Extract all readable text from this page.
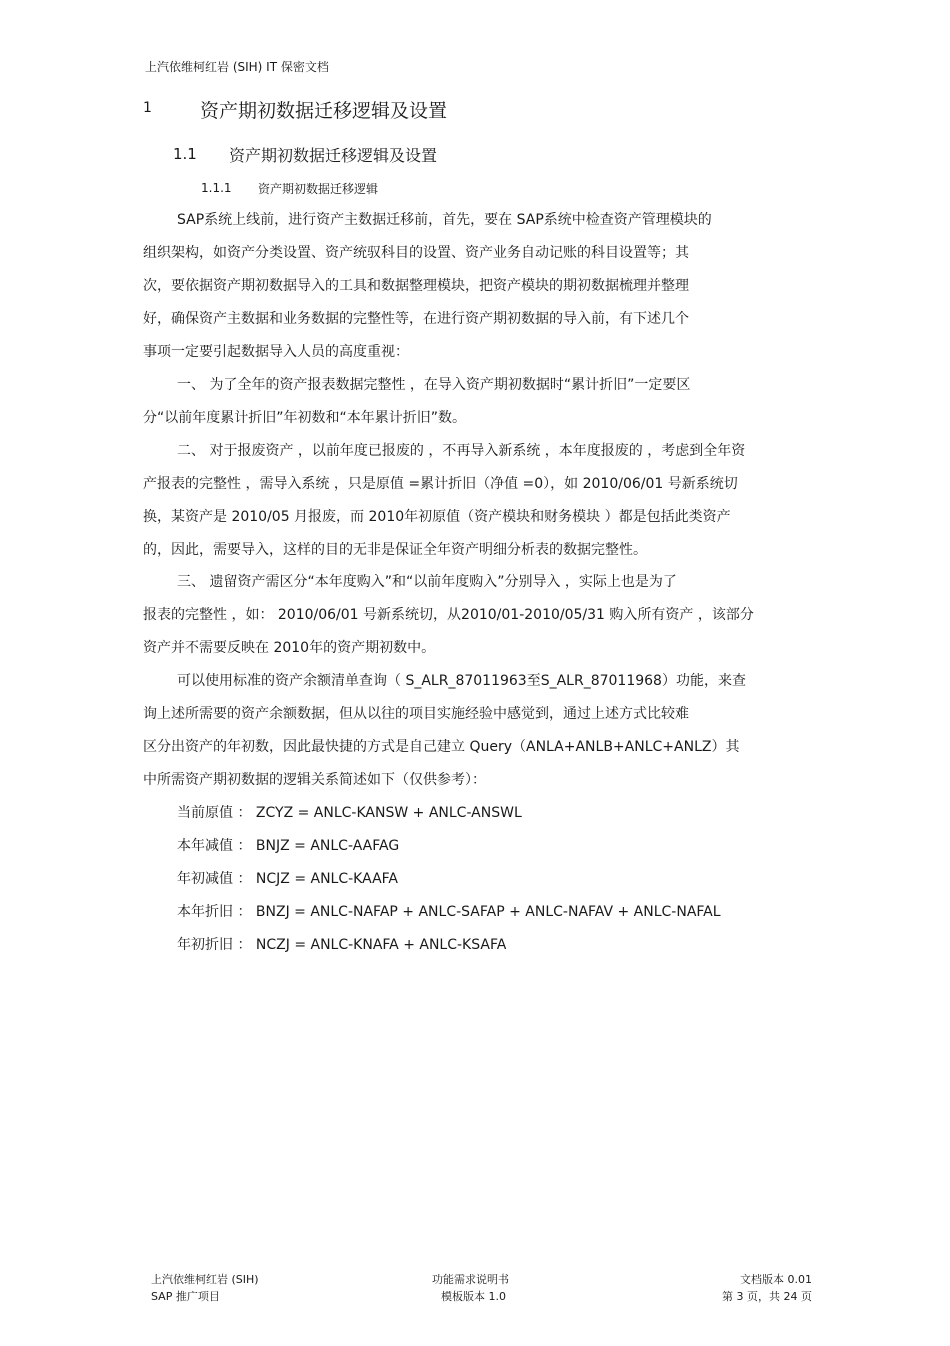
上汽依维柯红岩 (SIH) IT 保密文档
1	资产期初数据迁移逻辑及设置
1.1 资产期初数据迁移逻辑及设置
1.1.1 资产期初数据迁移逻辑
SAP系统上线前，进行资产主数据迁移前，首先，要在 SAP系统中检查资产管理模块的
组织架构，如资产分类设置、资产统驭科目的设置、资产业务自动记账的科目设置等；其
次，要依据资产期初数据导入的工具和数据整理模块，把资产模块的期初数据梳理并整理
好，确保资产主数据和业务数据的完整性等，在进行资产期初数据的导入前，有下述几个
事项一定要引起数据导入人员的高度重视：
一、 为了全年的资产报表数据完整性 ，在导入资产期初数据时“累计折旧”一定要区
分“以前年度累计折旧”年初数和“本年累计折旧”数。
二、 对于报废资产 ，以前年度已报废的 ，不再导入新系统 ，本年度报废的 ，考虑到全年资
产报表的完整性 ，需导入系统 ，只是原值 =累计折旧（净值 =0），如 2010/06/01 号新系统切
换，某资产是 2010/05 月报废，而 2010年初原值（资产模块和财务模块 ）都是包括此类资产
的，因此，需要导入，这样的目的无非是保证全年资产明细分析表的数据完整性。
三、 遗留资产需区分“本年度购入”和“以前年度购入”分别导入 ，实际上也是为了
报表的完整性 ，如： 2010/06/01 号新系统切，从2010/01-2010/05/31 购入所有资产 ，该部分
资产并不需要反映在 2010年的资产期初数中。
可以使用标准的资产余额清单查询（ S_ALR_87011963至S_ALR_87011968）功能，来查
询上述所需要的资产余额数据，但从以往的项目实施经验中感觉到，通过上述方式比较难
区分出资产的年初数，因此最快捷的方式是自己建立 Query（ANLA+ANLB+ANLC+ANLZ）其
中所需资产期初数据的逻辑关系简述如下（仅供参考）：
当前原值 ： ZCYZ = ANLC-KANSW + ANLC-ANSWL
本年减值 ： BNJZ = ANLC-AAFAG
年初减值 ： NCJZ = ANLC-KAAFA
本年折旧 ： BNZJ = ANLC-NAFAP + ANLC-SAFAP + ANLC-NAFAV + ANLC-NAFAL
年初折旧 ： NCZJ = ANLC-KNAFA + ANLC-KSAFA
上汽依维柯红岩 (SIH)
SAP 推广项目
功能需求说明书
模板版本 1.0
文档版本 0.01
第 3 页，共 24 页
